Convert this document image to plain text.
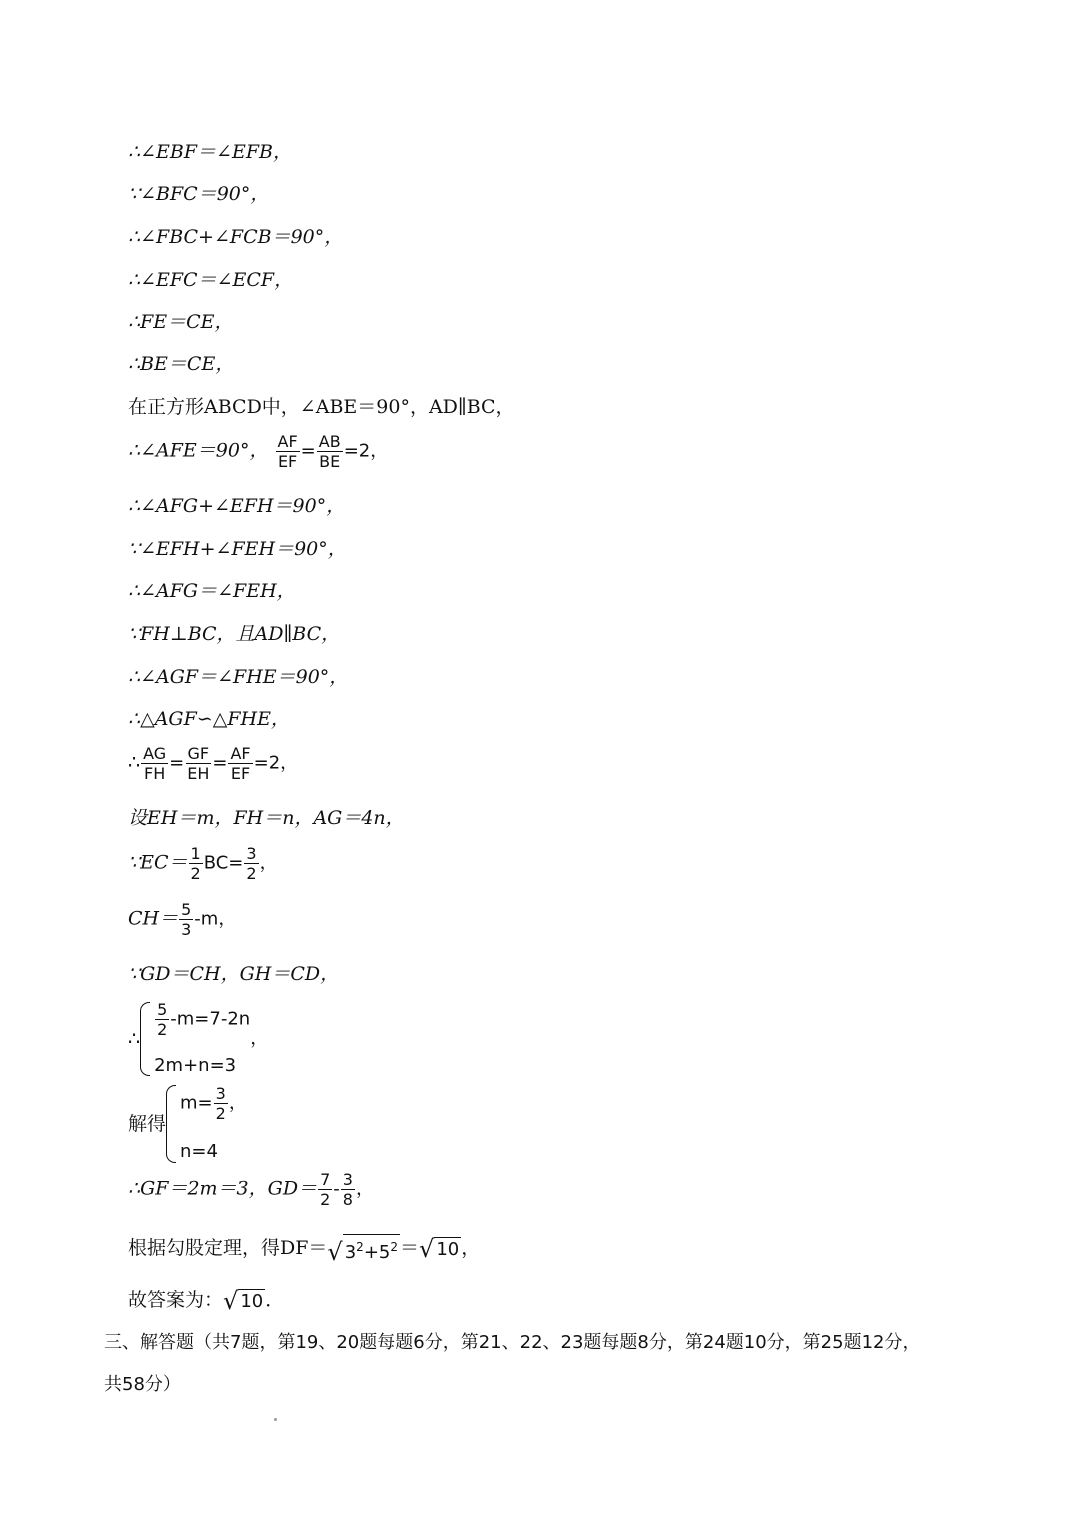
∴∠EBF＝∠EFB，
∵∠BFC＝90°，
∴∠FBC+∠FCB＝90°，
∴∠EFC＝∠ECF，
∴FE＝CE，
∴BE＝CE，
在正方形ABCD中，∠ABE＝90°，AD∥BC，
∴∠AFE＝90°， $\frac{AF}{EF} = \frac{AB}{BE} =2$，
∴∠AFG+∠EFH＝90°，
∵∠EFH+∠FEH＝90°，
∴∠AFG＝∠FEH，
∵FH⊥BC，且AD∥BC，
∴∠AGF＝∠FHE＝90°，
∴△AGF∽△FHE，
∴ $\frac{AG}{FH} = \frac{GF}{EH} = \frac{AF}{EF} =2$，
设EH＝m，FH＝n，AG＝4n，
∵EC＝ $\frac{1}{2} BC= \frac{3}{2}$ ，
$CH= \frac{5}{3} -m$，
∵GD＝CH，GH＝CD，
∴ $\frac{5}{2} -m=7-2n$
2m+n=3
，
解得
$m= \frac{3}{2}$ ，
n=4
∴GF＝2m＝3，$GD= \frac{7}{2} - \frac{3}{8}$ ，
根据勾股定理，得DF＝ √ $3^2+5^2$ ＝ √ 10 ，
故答案为： √ 10 ．
三、解答题（共7题，第19、20题每题6分，第21、22、23题每题8分，第24题10分，第25题12分，
共58分）
